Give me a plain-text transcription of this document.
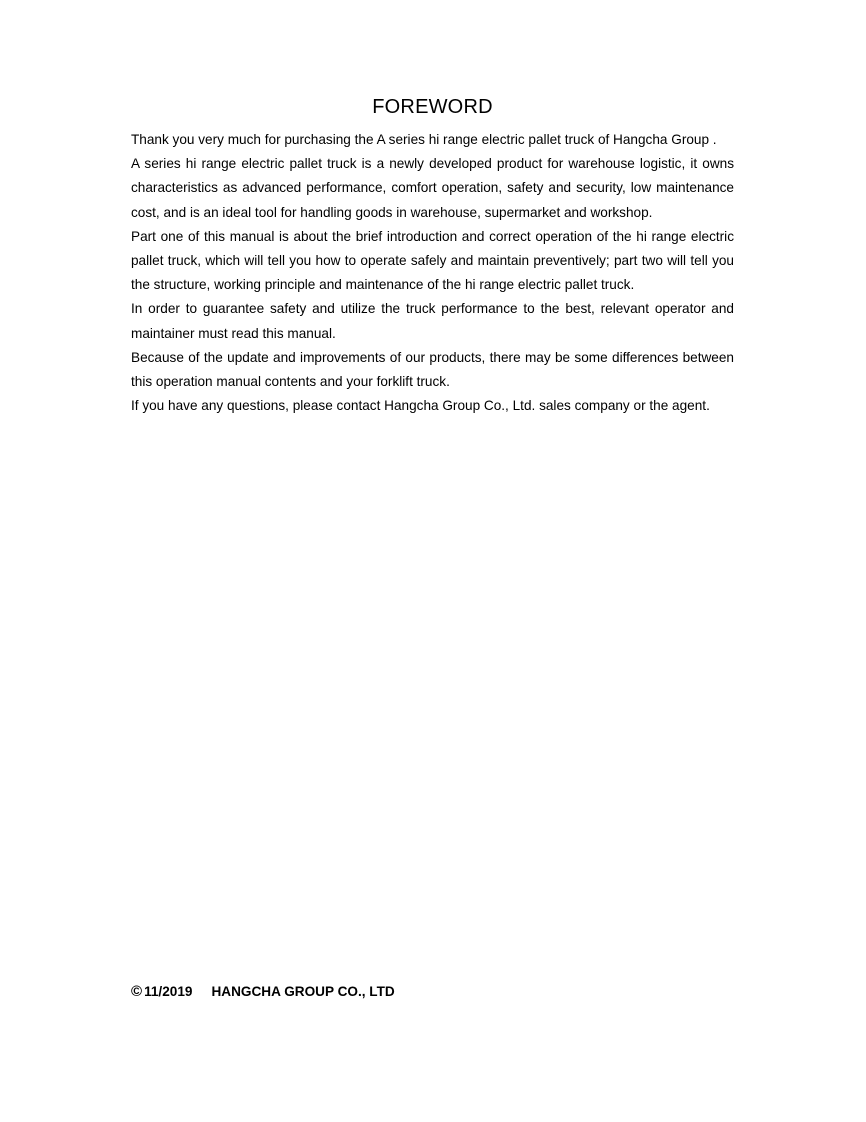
FOREWORD

Thank you very much for purchasing the A series hi range electric pallet truck of Hangcha Group .

A series hi range electric pallet truck is a newly developed product for warehouse logistic, it owns characteristics as advanced performance, comfort operation, safety and security, low maintenance cost, and is an ideal tool for handling goods in warehouse, supermarket and workshop.

Part one of this manual is about the brief introduction and correct operation of the hi range electric pallet truck, which will tell you how to operate safely and maintain preventively; part two will tell you the structure, working principle and maintenance of the hi range electric pallet truck.

In order to guarantee safety and utilize the truck performance to the best, relevant operator and maintainer must read this manual.

Because of the update and improvements of our products, there may be some differences between this operation manual contents and your forklift truck.

If you have any questions, please contact Hangcha Group Co., Ltd. sales company or the agent.

© 11/2019 HANGCHA GROUP CO., LTD
